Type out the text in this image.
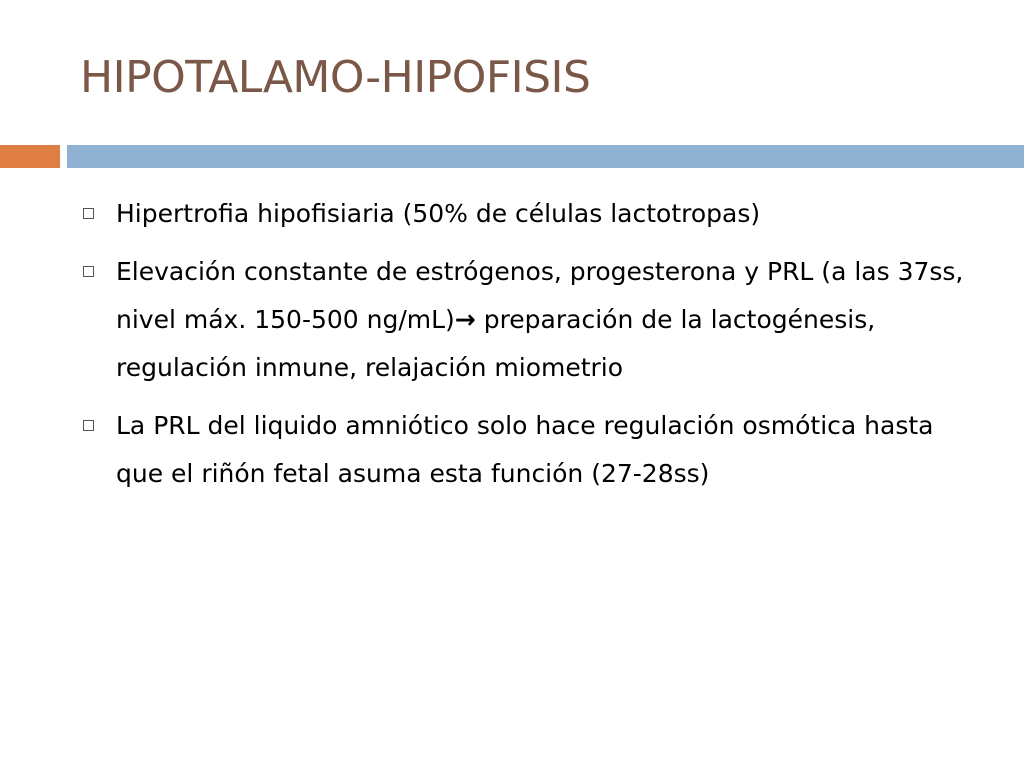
HIPOTALAMO-HIPOFISIS
Hipertrofia hipofisiaria (50% de células lactotropas)
Elevación constante de estrógenos, progesterona y PRL (a las 37ss, nivel máx. 150-500 ng/mL)→ preparación de la lactogénesis, regulación inmune, relajación miometrio
La PRL del liquido amniótico solo hace regulación osmótica hasta que el riñón fetal asuma esta función (27-28ss)
